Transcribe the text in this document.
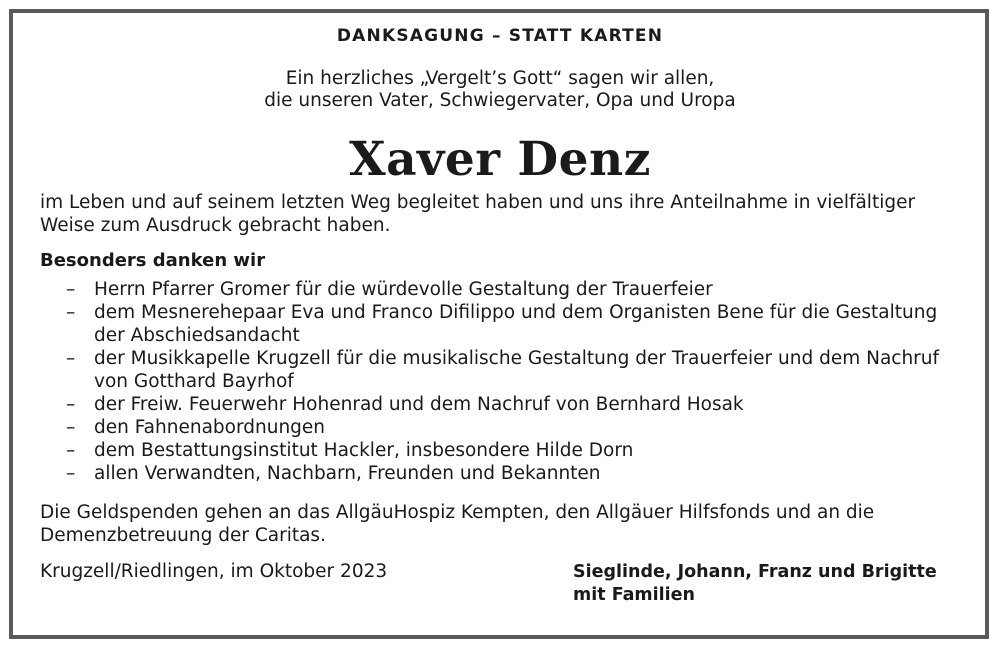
DANKSAGUNG – STATT KARTEN
Ein herzliches „Vergelt’s Gott“ sagen wir allen,
die unseren Vater, Schwiegervater, Opa und Uropa
Xaver Denz
im Leben und auf seinem letzten Weg begleitet haben und uns ihre Anteilnahme in vielfältiger Weise zum Ausdruck gebracht haben.
Besonders danken wir
– Herrn Pfarrer Gromer für die würdevolle Gestaltung der Trauerfeier
– dem Mesnerehepaar Eva und Franco Difilippo und dem Organisten Bene für die Gestaltung der Abschiedsandacht
– der Musikkapelle Krugzell für die musikalische Gestaltung der Trauerfeier und dem Nachruf von Gotthard Bayrhof
– der Freiw. Feuerwehr Hohenrad und dem Nachruf von Bernhard Hosak
– den Fahnenabordnungen
– dem Bestattungsinstitut Hackler, insbesondere Hilde Dorn
– allen Verwandten, Nachbarn, Freunden und Bekannten
Die Geldspenden gehen an das AllgäuHospiz Kempten, den Allgäuer Hilfsfonds und an die Demenzbetreuung der Caritas.
Krugzell/Riedlingen, im Oktober 2023	Sieglinde, Johann, Franz und Brigitte
mit Familien
